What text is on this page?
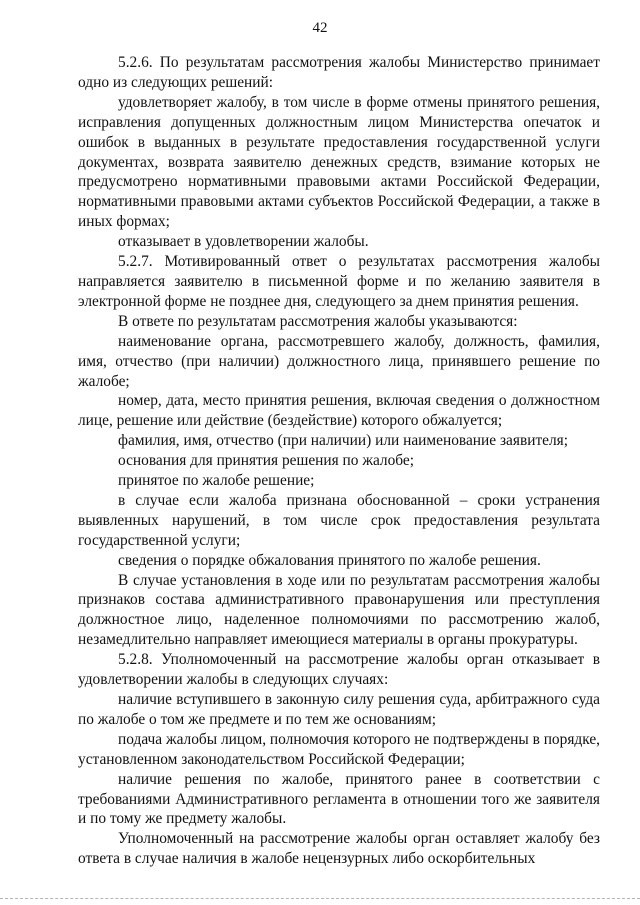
42

5.2.6. По результатам рассмотрения жалобы Министерство принимает одно из следующих решений:

удовлетворяет жалобу, в том числе в форме отмены принятого решения, исправления допущенных должностным лицом Министерства опечаток и ошибок в выданных в результате предоставления государственной услуги документах, возврата заявителю денежных средств, взимание которых не предусмотрено нормативными правовыми актами Российской Федерации, нормативными правовыми актами субъектов Российской Федерации, а также в иных формах;

отказывает в удовлетворении жалобы.

5.2.7. Мотивированный ответ о результатах рассмотрения жалобы направляется заявителю в письменной форме и по желанию заявителя в электронной форме не позднее дня, следующего за днем принятия решения.

В ответе по результатам рассмотрения жалобы указываются:

наименование органа, рассмотревшего жалобу, должность, фамилия, имя, отчество (при наличии) должностного лица, принявшего решение по жалобе;

номер, дата, место принятия решения, включая сведения о должностном лице, решение или действие (бездействие) которого обжалуется;

фамилия, имя, отчество (при наличии) или наименование заявителя;

основания для принятия решения по жалобе;

принятое по жалобе решение;

в случае если жалоба признана обоснованной – сроки устранения выявленных нарушений, в том числе срок предоставления результата государственной услуги;

сведения о порядке обжалования принятого по жалобе решения.

В случае установления в ходе или по результатам рассмотрения жалобы признаков состава административного правонарушения или преступления должностное лицо, наделенное полномочиями по рассмотрению жалоб, незамедлительно направляет имеющиеся материалы в органы прокуратуры.

5.2.8. Уполномоченный на рассмотрение жалобы орган отказывает в удовлетворении жалобы в следующих случаях:

наличие вступившего в законную силу решения суда, арбитражного суда по жалобе о том же предмете и по тем же основаниям;

подача жалобы лицом, полномочия которого не подтверждены в порядке, установленном законодательством Российской Федерации;

наличие решения по жалобе, принятого ранее в соответствии с требованиями Административного регламента в отношении того же заявителя и по тому же предмету жалобы.

Уполномоченный на рассмотрение жалобы орган оставляет жалобу без ответа в случае наличия в жалобе нецензурных либо оскорбительных
